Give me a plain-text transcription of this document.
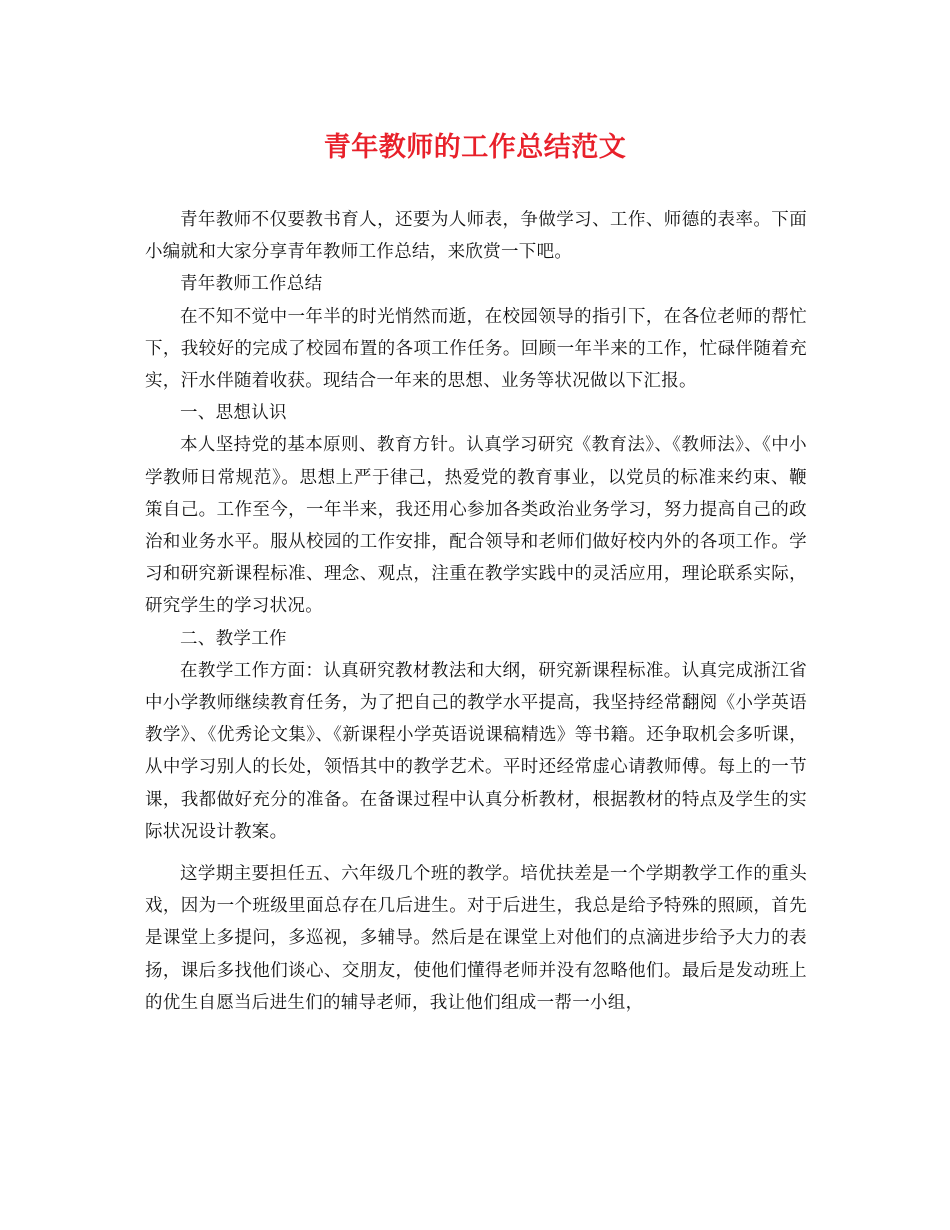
青年教师的工作总结范文

青年教师不仅要教书育人，还要为人师表，争做学习、工作、师德的表率。下面小编就和大家分享青年教师工作总结，来欣赏一下吧。

青年教师工作总结

在不知不觉中一年半的时光悄然而逝，在校园领导的指引下，在各位老师的帮忙下，我较好的完成了校园布置的各项工作任务。回顾一年半来的工作，忙碌伴随着充实，汗水伴随着收获。现结合一年来的思想、业务等状况做以下汇报。

一、思想认识

本人坚持党的基本原则、教育方针。认真学习研究《教育法》、《教师法》、《中小学教师日常规范》。思想上严于律己，热爱党的教育事业，以党员的标准来约束、鞭策自己。工作至今，一年半来，我还用心参加各类政治业务学习，努力提高自己的政治和业务水平。服从校园的工作安排，配合领导和老师们做好校内外的各项工作。学习和研究新课程标准、理念、观点，注重在教学实践中的灵活应用，理论联系实际，研究学生的学习状况。

二、教学工作

在教学工作方面：认真研究教材教法和大纲，研究新课程标准。认真完成浙江省中小学教师继续教育任务，为了把自己的教学水平提高，我坚持经常翻阅《小学英语教学》、《优秀论文集》、《新课程小学英语说课稿精选》等书籍。还争取机会多听课，从中学习别人的长处，领悟其中的教学艺术。平时还经常虚心请教师傅。每上的一节课，我都做好充分的准备。在备课过程中认真分析教材，根据教材的特点及学生的实际状况设计教案。

这学期主要担任五、六年级几个班的教学。培优扶差是一个学期教学工作的重头戏，因为一个班级里面总存在几后进生。对于后进生，我总是给予特殊的照顾，首先是课堂上多提问，多巡视，多辅导。然后是在课堂上对他们的点滴进步给予大力的表扬，课后多找他们谈心、交朋友，使他们懂得老师并没有忽略他们。最后是发动班上的优生自愿当后进生们的辅导老师，我让他们组成一帮一小组，
